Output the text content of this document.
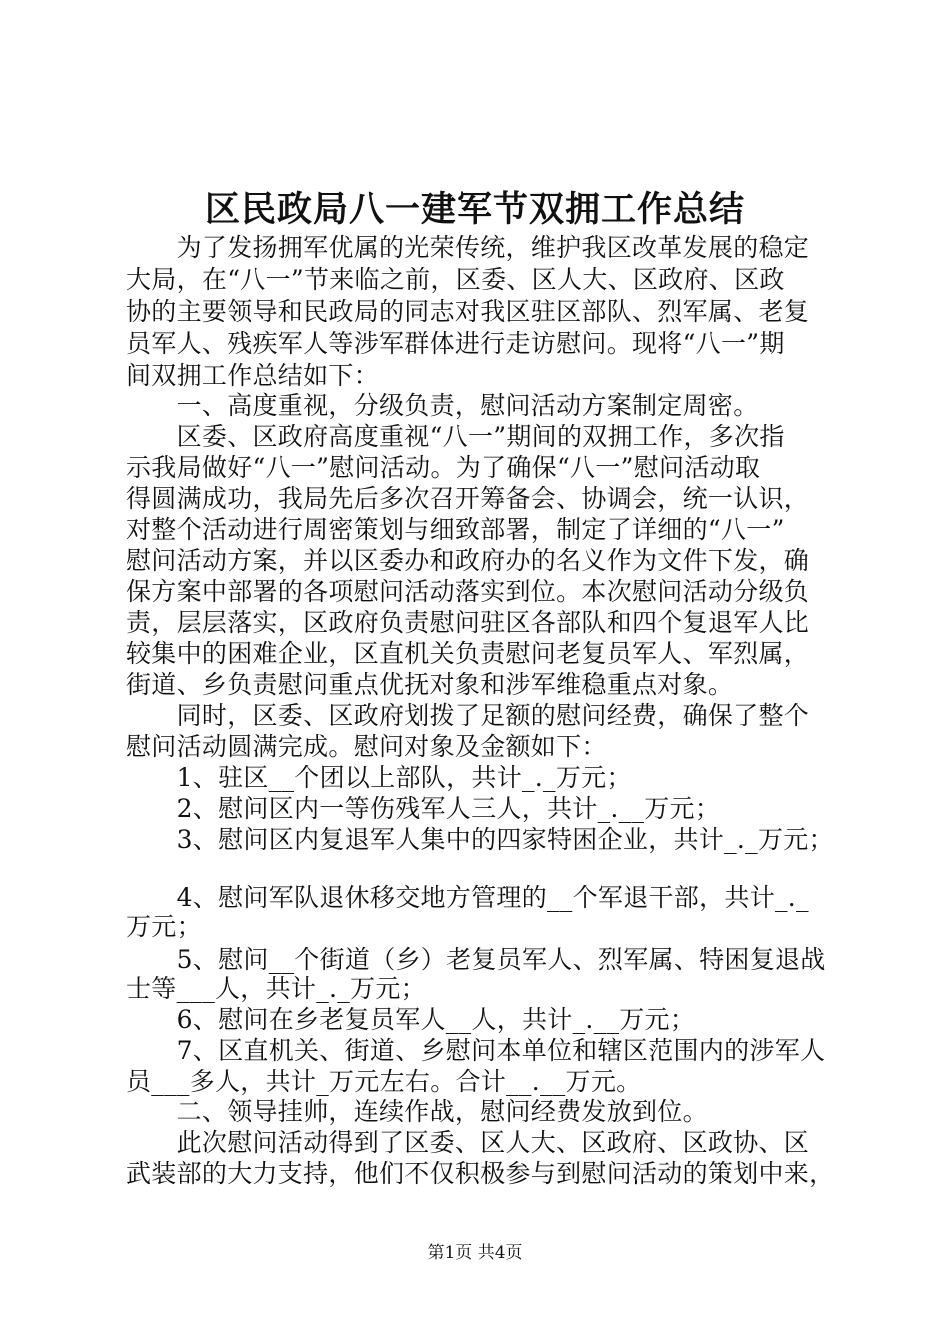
区民政局八一建军节双拥工作总结
　　为了发扬拥军优属的光荣传统，维护我区改革发展的稳定
大局，在“八一”节来临之前，区委、区人大、区政府、区政
协的主要领导和民政局的同志对我区驻区部队、烈军属、老复
员军人、残疾军人等涉军群体进行走访慰问。现将“八一”期
间双拥工作总结如下：
　　一、高度重视，分级负责，慰问活动方案制定周密。
　　区委、区政府高度重视“八一”期间的双拥工作，多次指
示我局做好“八一”慰问活动。为了确保“八一”慰问活动取
得圆满成功，我局先后多次召开筹备会、协调会，统一认识，
对整个活动进行周密策划与细致部署，制定了详细的“八一”
慰问活动方案，并以区委办和政府办的名义作为文件下发，确
保方案中部署的各项慰问活动落实到位。本次慰问活动分级负
责，层层落实，区政府负责慰问驻区各部队和四个复退军人比
较集中的困难企业，区直机关负责慰问老复员军人、军烈属，
街道、乡负责慰问重点优抚对象和涉军维稳重点对象。
　　同时，区委、区政府划拨了足额的慰问经费，确保了整个
慰问活动圆满完成。慰问对象及金额如下：
　　1、驻区__个团以上部队，共计_._万元；
　　2、慰问区内一等伤残军人三人，共计_.__万元；
　　3、慰问区内复退军人集中的四家特困企业，共计_._万元；
　　4、慰问军队退休移交地方管理的__个军退干部，共计_._
万元；
　　5、慰问__个街道（乡）老复员军人、烈军属、特困复退战
士等___人，共计_._万元；
　　6、慰问在乡老复员军人__人，共计_.__万元；
　　7、区直机关、街道、乡慰问本单位和辖区范围内的涉军人
员___多人，共计_万元左右。合计__.__万元。
　　二、领导挂帅，连续作战，慰问经费发放到位。
　　此次慰问活动得到了区委、区人大、区政府、区政协、区
武装部的大力支持，他们不仅积极参与到慰问活动的策划中来，
第1页 共4页
